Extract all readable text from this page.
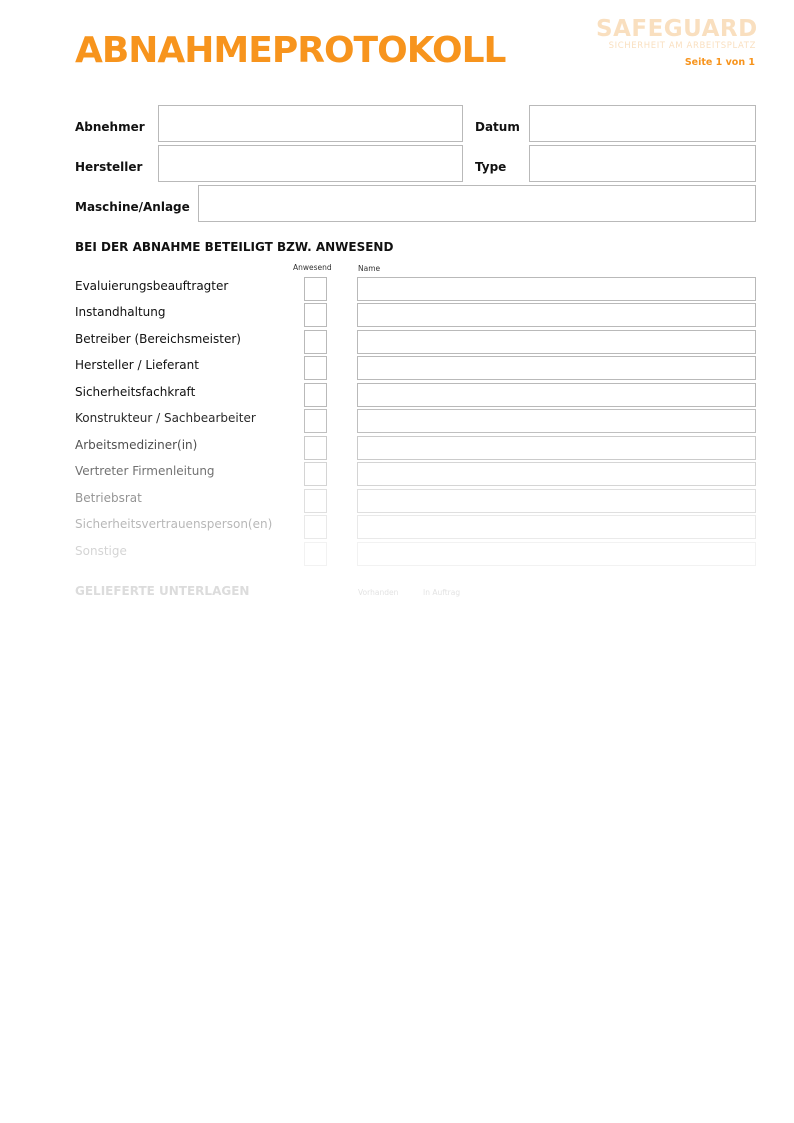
ABNAHMEPROTOKOLL
SAFEGUARD
SICHERHEIT AM ARBEITSPLATZ
Seite 1 von 1
Abnehmer	Datum
Hersteller	Type
Maschine/Anlage
BEI DER ABNAHME BETEILIGT BZW. ANWESEND
Anwesend	Name
Evaluierungsbeauftragter
Instandhaltung
Betreiber (Bereichsmeister)
Hersteller / Lieferant
Sicherheitsfachkraft
Konstrukteur / Sachbearbeiter
Arbeitsmediziner(in)
Vertreter Firmenleitung
Betriebsrat
Sicherheitsvertrauensperson(en)
Sonstige
GELIEFERTE UNTERLAGEN	Vorhanden	In Auftrag
